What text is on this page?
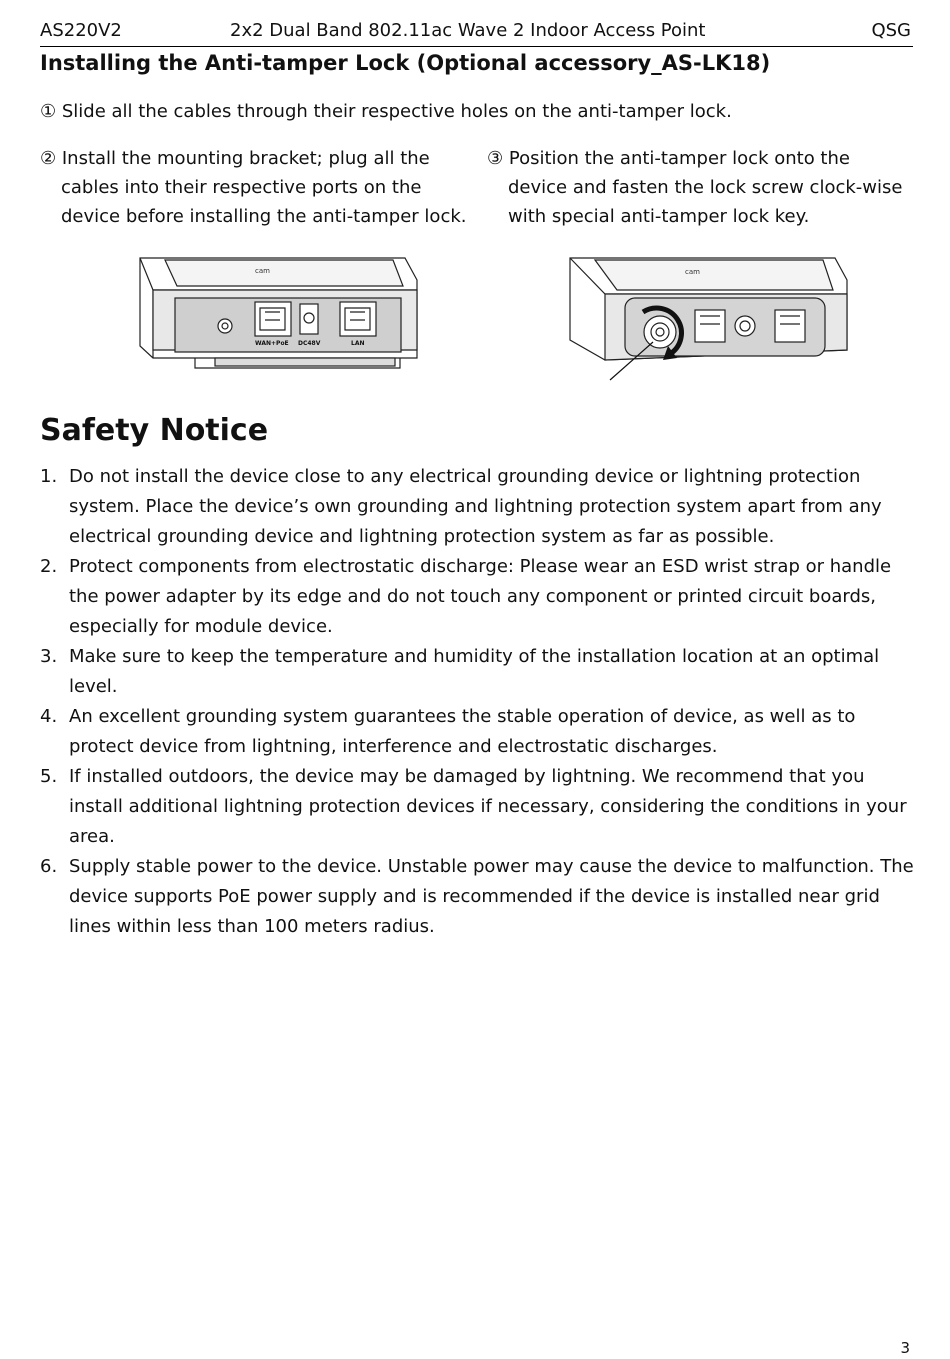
AS220V2	2x2 Dual Band 802.11ac Wave 2 Indoor Access Point	QSG
Installing the Anti-tamper Lock (Optional accessory_AS-LK18)

① Slide all the cables through their respective holes on the anti-tamper lock.

② Install the mounting bracket; plug all the

cables into their respective ports on the

device before installing the anti-tamper lock.

③ Position the anti-tamper lock onto the

device and fasten the lock screw clock-wise

with special anti-tamper lock key.

cam
WAN+PoE DC48V	LAN
cam
Safety Notice
1. Do not install the device close to any electrical grounding device or lightning protection system. Place the device’s own grounding and lightning protection system apart from any electrical grounding device and lightning protection system as far as possible.
2. Protect components from electrostatic discharge: Please wear an ESD wrist strap or handle the power adapter by its edge and do not touch any component or printed circuit boards, especially for module device.
3. Make sure to keep the temperature and humidity of the installation location at an optimal level.
4. An excellent grounding system guarantees the stable operation of device, as well as to protect device from lightning, interference and electrostatic discharges.
5. If installed outdoors, the device may be damaged by lightning. We recommend that you install additional lightning protection devices if necessary, considering the conditions in your area.
6. Supply stable power to the device. Unstable power may cause the device to malfunction. The device supports PoE power supply and is recommended if the device is installed near grid lines within less than 100 meters radius.
3
